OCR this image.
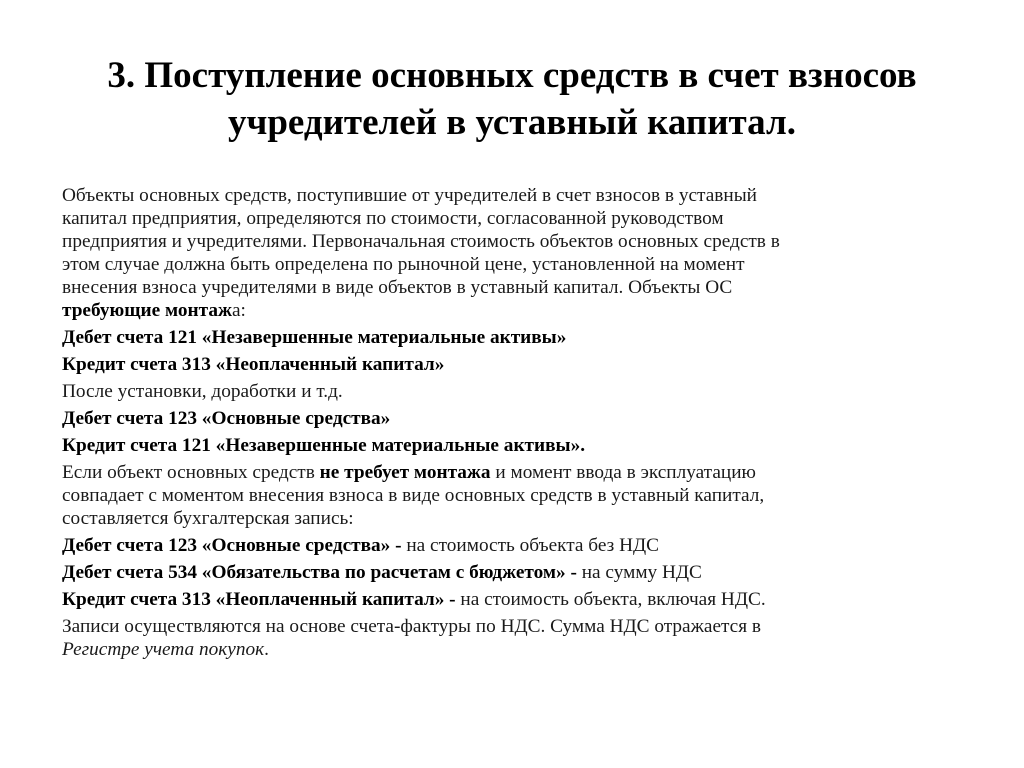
3. Поступление основных средств в счет взносов
учредителей в уставный капитал.

Объекты основных средств, поступившие от учредителей в счет взносов в уставный
капитал предприятия, определяются по стоимости, согласованной руководством
предприятия и учредителями. Первоначальная стоимость объектов основных средств в
этом случае должна быть определена по рыночной цене, установленной на момент
внесения взноса учредителями в виде объектов в уставный капитал. Объекты ОС
требующие монтажа:

Дебет счета 121 «Незавершенные материальные активы»

Кредит счета 313 «Неоплаченный капитал»

После установки, доработки и т.д.

Дебет счета 123 «Основные средства»

Кредит счета 121 «Незавершенные материальные активы».

Если объект основных средств не требует монтажа и момент ввода в эксплуатацию
совпадает с моментом внесения взноса в виде основных средств в уставный капитал,
составляется бухгалтерская запись:

Дебет счета 123 «Основные средства» - на стоимость объекта без НДС

Дебет счета 534 «Обязательства по расчетам с бюджетом» - на сумму НДС

Кредит счета 313 «Неоплаченный капитал» - на стоимость объекта, включая НДС.

Записи осуществляются на основе счета-фактуры по НДС. Сумма НДС отражается в
Регистре учета покупок.
